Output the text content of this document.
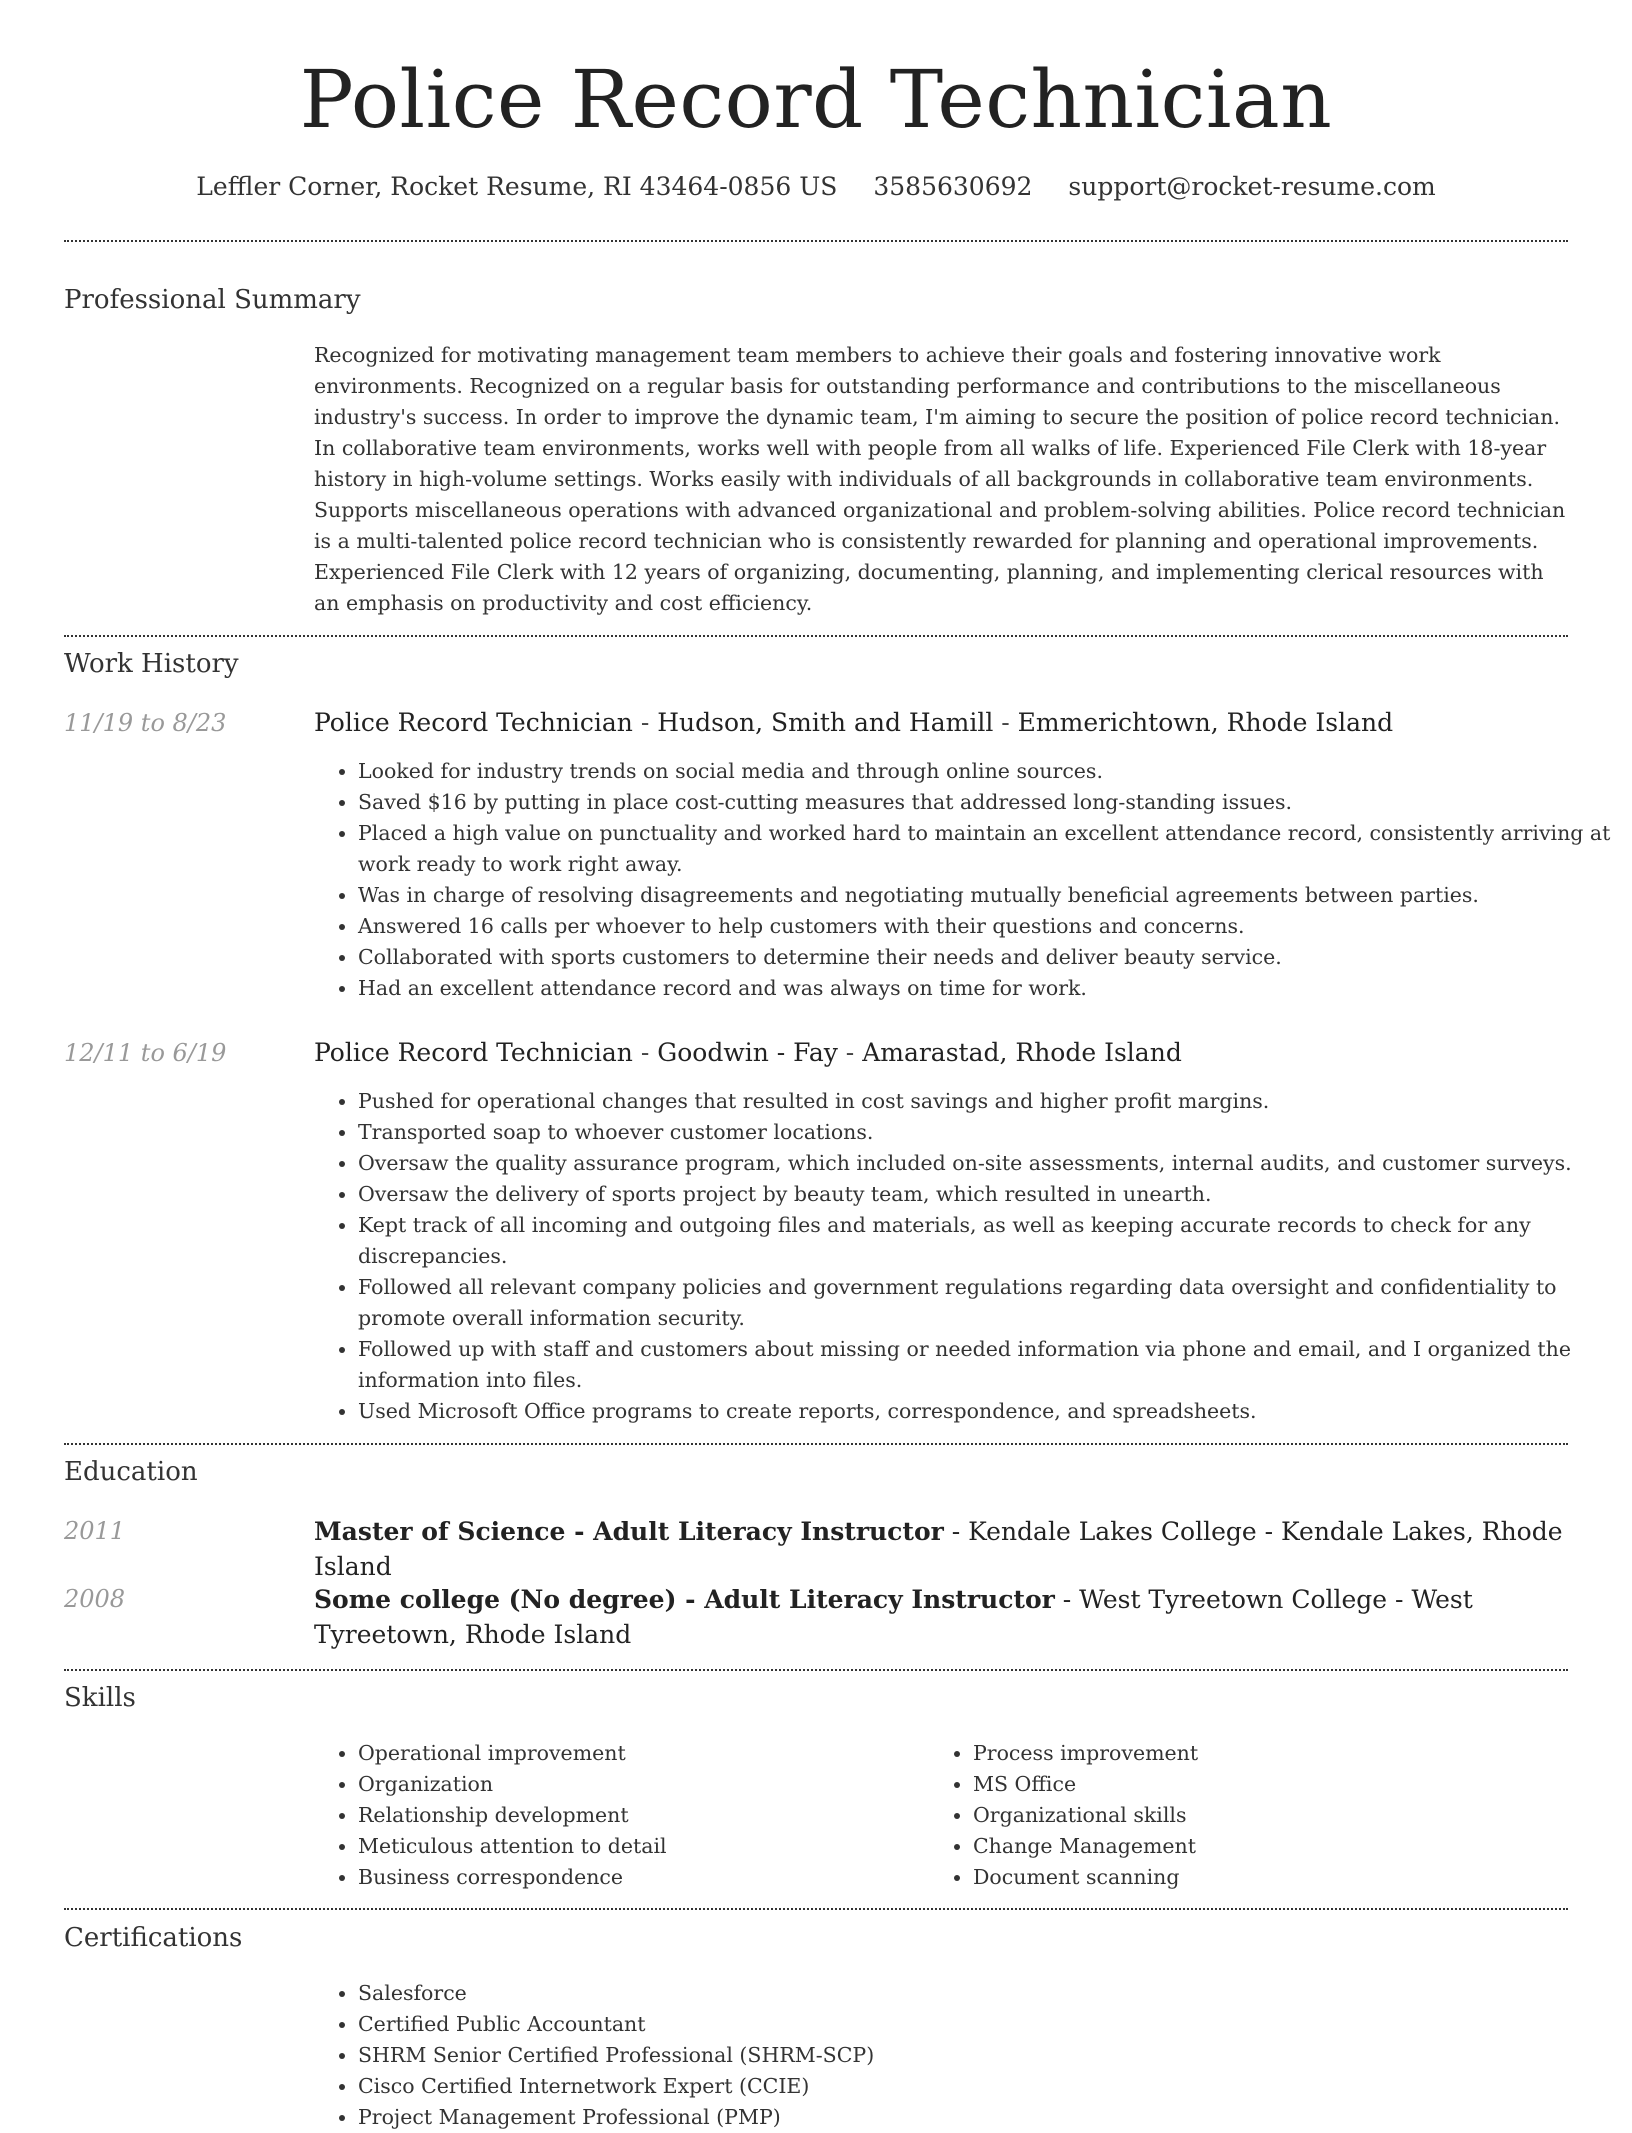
Police Record Technician
Leffler Corner, Rocket Resume, RI 43464-0856 US 3585630692 support@rocket-resume.com
Professional Summary

Recognized for motivating management team members to achieve their goals and fostering innovative work environments. Recognized on a regular basis for outstanding performance and contributions to the miscellaneous industry's success. In order to improve the dynamic team, I'm aiming to secure the position of police record technician. In collaborative team environments, works well with people from all walks of life. Experienced File Clerk with 18-year history in high-volume settings. Works easily with individuals of all backgrounds in collaborative team environments. Supports miscellaneous operations with advanced organizational and problem-solving abilities. Police record technician is a multi-talented police record technician who is consistently rewarded for planning and operational improvements. Experienced File Clerk with 12 years of organizing, documenting, planning, and implementing clerical resources with an emphasis on productivity and cost efficiency.

Work History
11/19 to 8/23	Police Record Technician - Hudson, Smith and Hamill - Emmerichtown, Rhode Island
• Looked for industry trends on social media and through online sources.
• Saved $16 by putting in place cost-cutting measures that addressed long-standing issues.
• Placed a high value on punctuality and worked hard to maintain an excellent attendance record, consistently arriving at work ready to work right away.
• Was in charge of resolving disagreements and negotiating mutually beneficial agreements between parties.
• Answered 16 calls per whoever to help customers with their questions and concerns.
• Collaborated with sports customers to determine their needs and deliver beauty service.
• Had an excellent attendance record and was always on time for work.
12/11 to 6/19	Police Record Technician - Goodwin - Fay - Amarastad, Rhode Island
• Pushed for operational changes that resulted in cost savings and higher profit margins.
• Transported soap to whoever customer locations.
• Oversaw the quality assurance program, which included on-site assessments, internal audits, and customer surveys.
• Oversaw the delivery of sports project by beauty team, which resulted in unearth.
• Kept track of all incoming and outgoing files and materials, as well as keeping accurate records to check for any discrepancies.
• Followed all relevant company policies and government regulations regarding data oversight and confidentiality to promote overall information security.
• Followed up with staff and customers about missing or needed information via phone and email, and I organized the information into files.
• Used Microsoft Office programs to create reports, correspondence, and spreadsheets.
Education
2011	Master of Science - Adult Literacy Instructor - Kendale Lakes College - Kendale Lakes, Rhode Island
2008	Some college (No degree) - Adult Literacy Instructor - West Tyreetown College - West Tyreetown, Rhode Island
Skills
• Operational improvement
• Organization
• Relationship development
• Meticulous attention to detail
• Business correspondence
• Process improvement
• MS Office
• Organizational skills
• Change Management
• Document scanning
Certifications
• Salesforce
• Certified Public Accountant
• SHRM Senior Certified Professional (SHRM-SCP)
• Cisco Certified Internetwork Expert (CCIE)
• Project Management Professional (PMP)
